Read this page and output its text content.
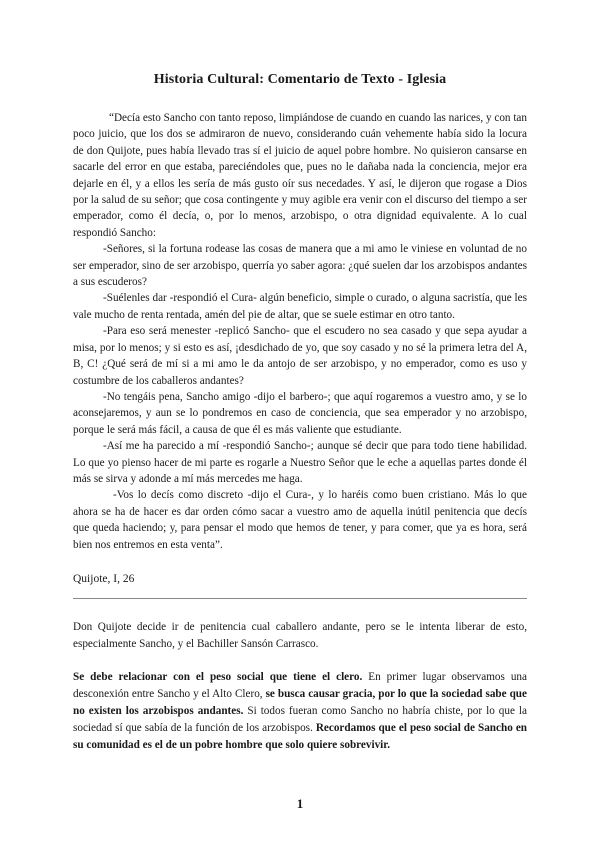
Historia Cultural: Comentario de Texto - Iglesia

“Decía esto Sancho con tanto reposo, limpiándose de cuando en cuando las narices, y con tan poco juicio, que los dos se admiraron de nuevo, considerando cuán vehemente había sido la locura de don Quijote, pues había llevado tras sí el juicio de aquel pobre hombre. No quisieron cansarse en sacarle del error en que estaba, pareciéndoles que, pues no le dañaba nada la conciencia, mejor era dejarle en él, y a ellos les sería de más gusto oír sus necedades. Y así, le dijeron que rogase a Dios por la salud de su señor; que cosa contingente y muy agible era venir con el discurso del tiempo a ser emperador, como él decía, o, por lo menos, arzobispo, o otra dignidad equivalente. A lo cual respondió Sancho:

-Señores, si la fortuna rodease las cosas de manera que a mi amo le viniese en voluntad de no ser emperador, sino de ser arzobispo, querría yo saber agora: ¿qué suelen dar los arzobispos andantes a sus escuderos?

-Suélenles dar -respondió el Cura- algún beneficio, simple o curado, o alguna sacristía, que les vale mucho de renta rentada, amén del pie de altar, que se suele estimar en otro tanto.

-Para eso será menester -replicó Sancho- que el escudero no sea casado y que sepa ayudar a misa, por lo menos; y si esto es así, ¡desdichado de yo, que soy casado y no sé la primera letra del A, B, C! ¿Qué será de mí si a mi amo le da antojo de ser arzobispo, y no emperador, como es uso y costumbre de los caballeros andantes?

-No tengáis pena, Sancho amigo -dijo el barbero-; que aquí rogaremos a vuestro amo, y se lo aconsejaremos, y aun se lo pondremos en caso de conciencia, que sea emperador y no arzobispo, porque le será más fácil, a causa de que él es más valiente que estudiante.

-Así me ha parecido a mí -respondió Sancho-; aunque sé decir que para todo tiene habilidad. Lo que yo pienso hacer de mi parte es rogarle a Nuestro Señor que le eche a aquellas partes donde él más se sirva y adonde a mí más mercedes me haga.

-Vos lo decís como discreto -dijo el Cura-, y lo haréis como buen cristiano. Más lo que ahora se ha de hacer es dar orden cómo sacar a vuestro amo de aquella inútil penitencia que decís que queda haciendo; y, para pensar el modo que hemos de tener, y para comer, que ya es hora, será bien nos entremos en esta venta”.

Quijote, I, 26

Don Quijote decide ir de penitencia cual caballero andante, pero se le intenta liberar de esto, especialmente Sancho, y el Bachiller Sansón Carrasco.

Se debe relacionar con el peso social que tiene el clero. En primer lugar observamos una desconexión entre Sancho y el Alto Clero, se busca causar gracia, por lo que la sociedad sabe que no existen los arzobispos andantes. Si todos fueran como Sancho no habría chiste, por lo que la sociedad sí que sabía de la función de los arzobispos. Recordamos que el peso social de Sancho en su comunidad es el de un pobre hombre que solo quiere sobrevivir.

1
